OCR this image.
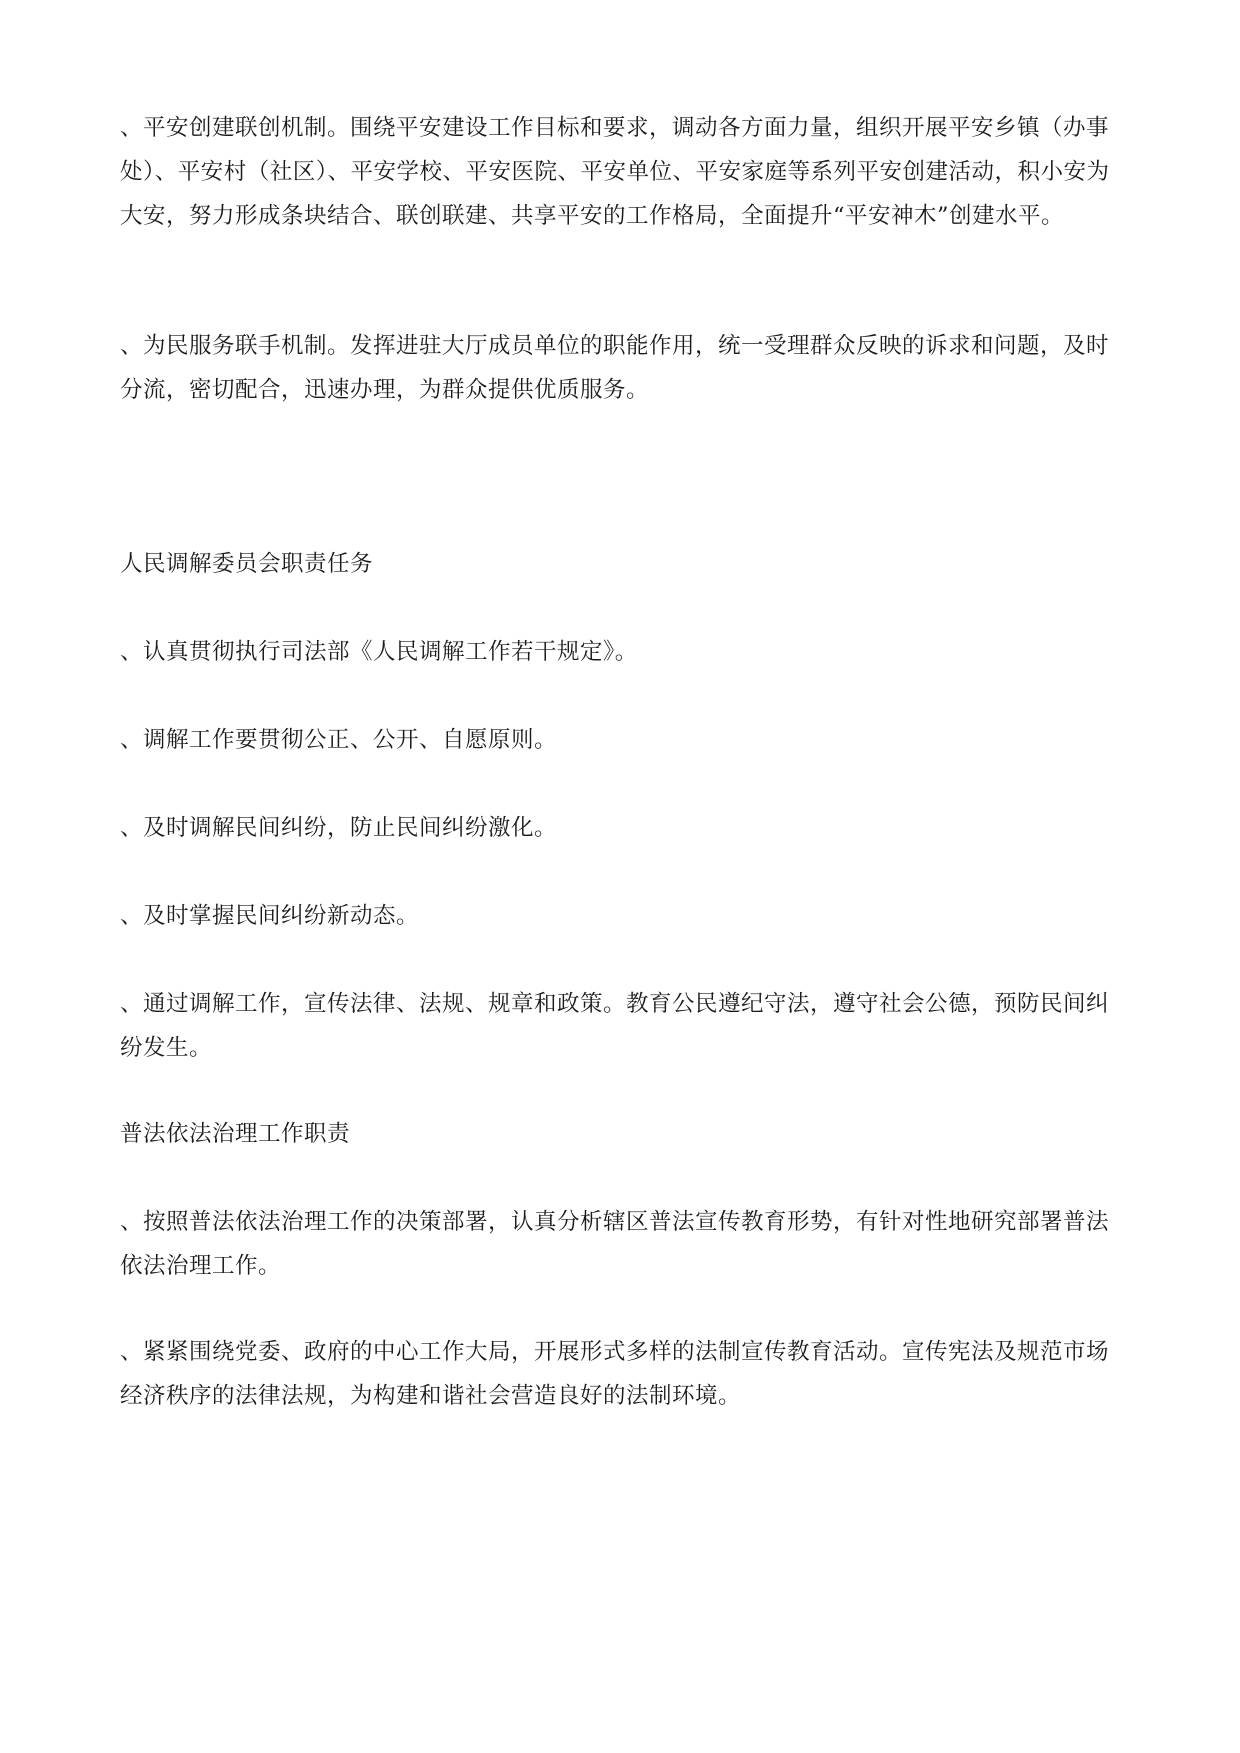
、平安创建联创机制。围绕平安建设工作目标和要求，调动各方面力量，组织开展平安乡镇（办事处）、平安村（社区）、平安学校、平安医院、平安单位、平安家庭等系列平安创建活动，积小安为大安，努力形成条块结合、联创联建、共享平安的工作格局，全面提升“平安神木”创建水平。

、为民服务联手机制。发挥进驻大厅成员单位的职能作用，统一受理群众反映的诉求和问题，及时分流，密切配合，迅速办理，为群众提供优质服务。

人民调解委员会职责任务

、认真贯彻执行司法部《人民调解工作若干规定》。

、调解工作要贯彻公正、公开、自愿原则。

、及时调解民间纠纷，防止民间纠纷激化。

、及时掌握民间纠纷新动态。

、通过调解工作，宣传法律、法规、规章和政策。教育公民遵纪守法，遵守社会公德，预防民间纠纷发生。

普法依法治理工作职责

、按照普法依法治理工作的决策部署，认真分析辖区普法宣传教育形势，有针对性地研究部署普法依法治理工作。

、紧紧围绕党委、政府的中心工作大局，开展形式多样的法制宣传教育活动。宣传宪法及规范市场经济秩序的法律法规，为构建和谐社会营造良好的法制环境。
